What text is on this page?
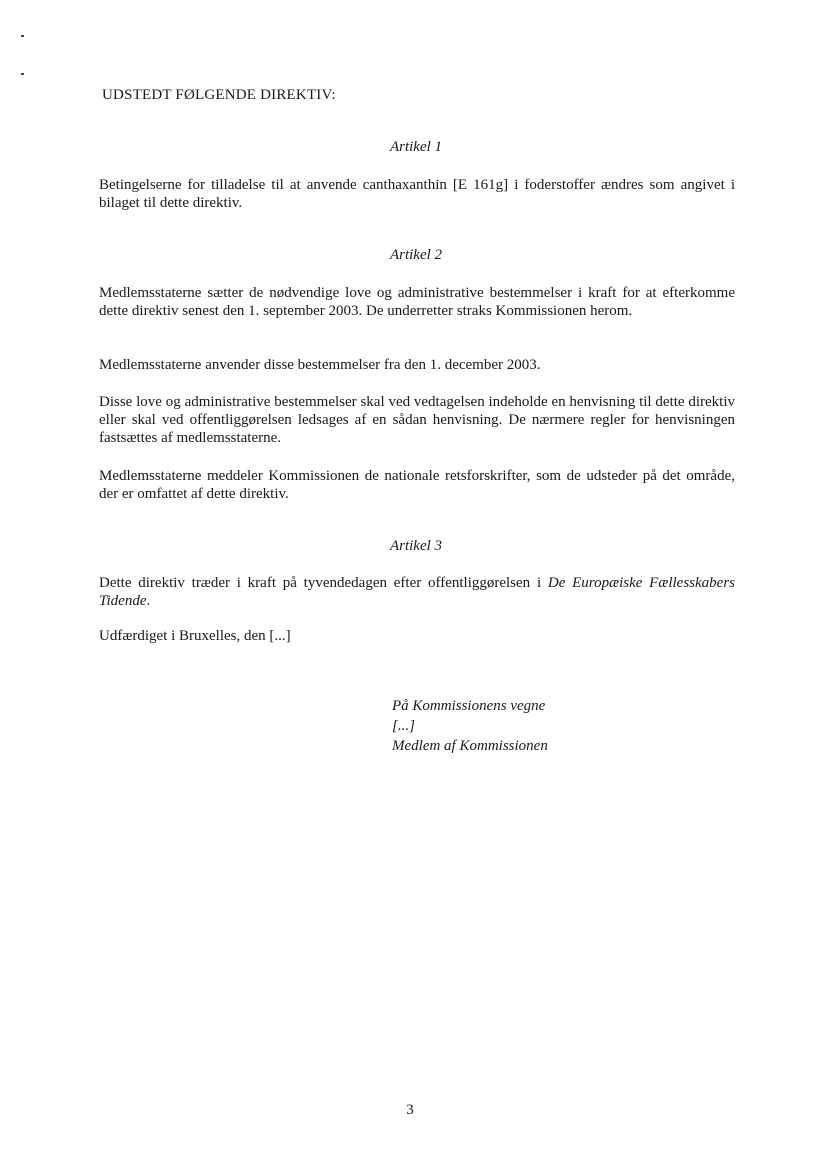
UDSTEDT FØLGENDE DIREKTIV:
Artikel 1

Betingelserne for tilladelse til at anvende canthaxanthin [E 161g] i foderstoffer ændres som angivet i bilaget til dette direktiv.

Artikel 2

Medlemsstaterne sætter de nødvendige love og administrative bestemmelser i kraft for at efterkomme dette direktiv senest den 1. september 2003. De underretter straks Kommissionen herom.

Medlemsstaterne anvender disse bestemmelser fra den 1. december 2003.

Disse love og administrative bestemmelser skal ved vedtagelsen indeholde en henvisning til dette direktiv eller skal ved offentliggørelsen ledsages af en sådan henvisning. De nærmere regler for henvisningen fastsættes af medlemsstaterne.

Medlemsstaterne meddeler Kommissionen de nationale retsforskrifter, som de udsteder på det område, der er omfattet af dette direktiv.

Artikel 3

Dette direktiv træder i kraft på tyvendedagen efter offentliggørelsen i De Europæiske Fællesskabers Tidende.

Udfærdiget i Bruxelles, den [...]

På Kommissionens vegne
[...]
Medlem af Kommissionen
3
